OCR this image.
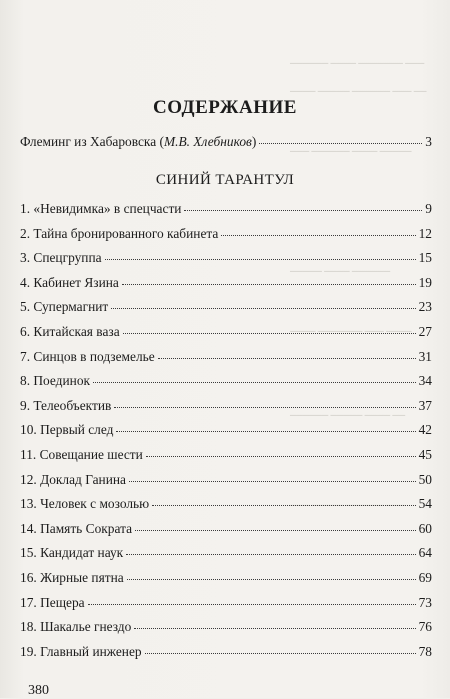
────── ──── ─────── ───
──── ───── ────── ─── ──
─── ────── ──── ─────
───── ──── ──────
──── ─────── ─── ────
────── ───── ──── ──
─── ───── ────── ───
СОДЕРЖАНИЕ
Флеминг из Хабаровска (М.В. Хлебников)	3
СИНИЙ ТАРАНТУЛ
1. «Невидимка» в спецчасти	9
2. Тайна бронированного кабинета	12
3. Спецгруппа	15
4. Кабинет Язина	19
5. Супермагнит	23
6. Китайская ваза	27
7. Синцов в подземелье	31
8. Поединок	34
9. Телеобъектив	37
10. Первый след	42
11. Совещание шести	45
12. Доклад Ганина	50
13. Человек с мозолью	54
14. Память Сократа	60
15. Кандидат наук	64
16. Жирные пятна	69
17. Пещера	73
18. Шакалье гнездо	76
19. Главный инженер	78
380
